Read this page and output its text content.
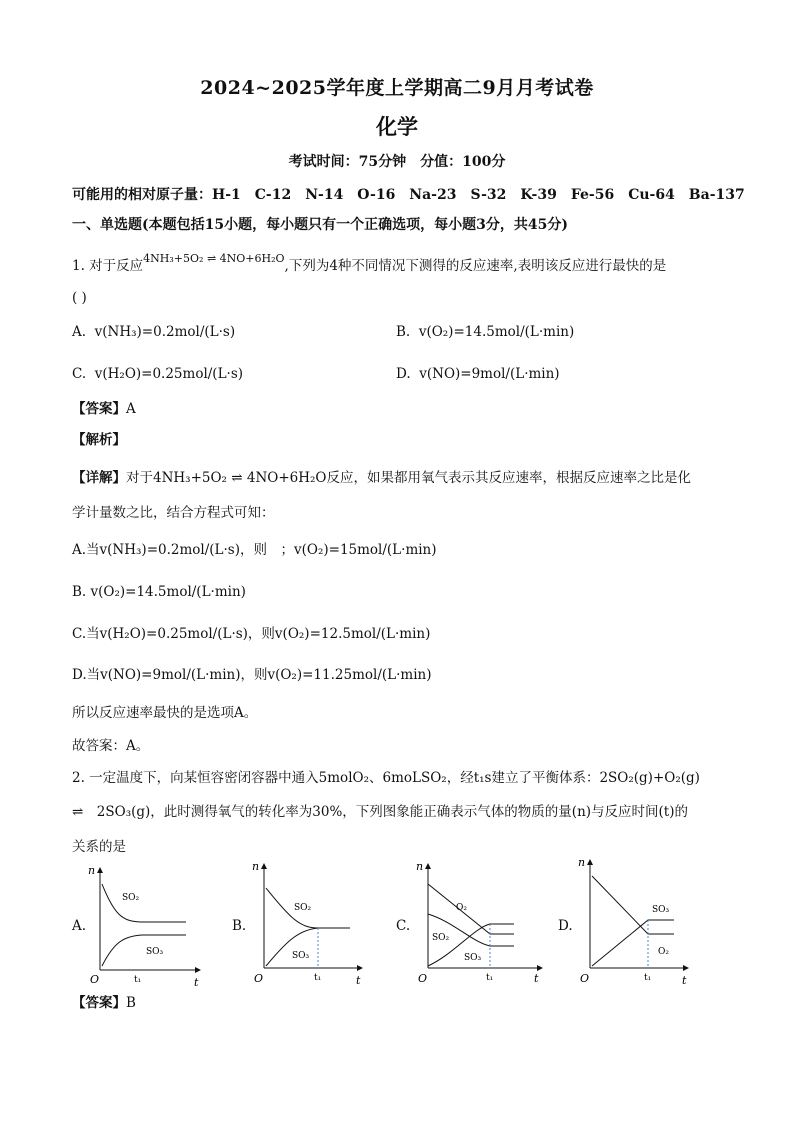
2024~2025学年度上学期高二9月月考试卷
化学
考试时间：75分钟　分值：100分
可能用的相对原子量：H-1　C-12　N-14　O-16　Na-23　S-32　K-39　Fe-56　Cu-64　Ba-137
一、单选题(本题包括15小题，每小题只有一个正确选项，每小题3分，共45分)
1. 对于反应$^{4NH_3+5O_2 \rightleftharpoons 4NO+6H_2O}$,下列为4种不同情况下测得的反应速率,表明该反应进行最快的是
( )
A. v(NH₃)=0.2mol/(L·s)	B. v(O₂)=14.5mol/(L·min)
C. v(H₂O)=0.25mol/(L·s)	D. v(NO)=9mol/(L·min)
【答案】A
【解析】
【详解】对于4NH₃+5O₂ ⇌ 4NO+6H₂O反应，如果都用氧气表示其反应速率，根据反应速率之比是化
学计量数之比，结合方程式可知：
A.当v(NH₃)=0.2mol/(L·s)，则　；v(O₂)=15mol/(L·min)
B. v(O₂)=14.5mol/(L·min)
C.当v(H₂O)=0.25mol/(L·s)，则v(O₂)=12.5mol/(L·min)
D.当v(NO)=9mol/(L·min)，则v(O₂)=11.25mol/(L·min)
所以反应速率最快的是选项A。
故答案：A。
2. 一定温度下，向某恒容密闭容器中通入5molO₂、6moLSO₂，经t₁s建立了平衡体系：2SO₂(g)+O₂(g)
⇌　2SO₃(g)，此时测得氧气的转化率为30%，下列图象能正确表示气体的物质的量(n)与反应时间(t)的
关系的是
A.
n
t
O	t₁
SO₂
SO₃
B.
n
t
O	t₁
SO₂
SO₃
C.
n
t
O	t₁
O₂
SO₂
SO₃
D.
n
t
O	t₁
SO₃
O₂
【答案】B
